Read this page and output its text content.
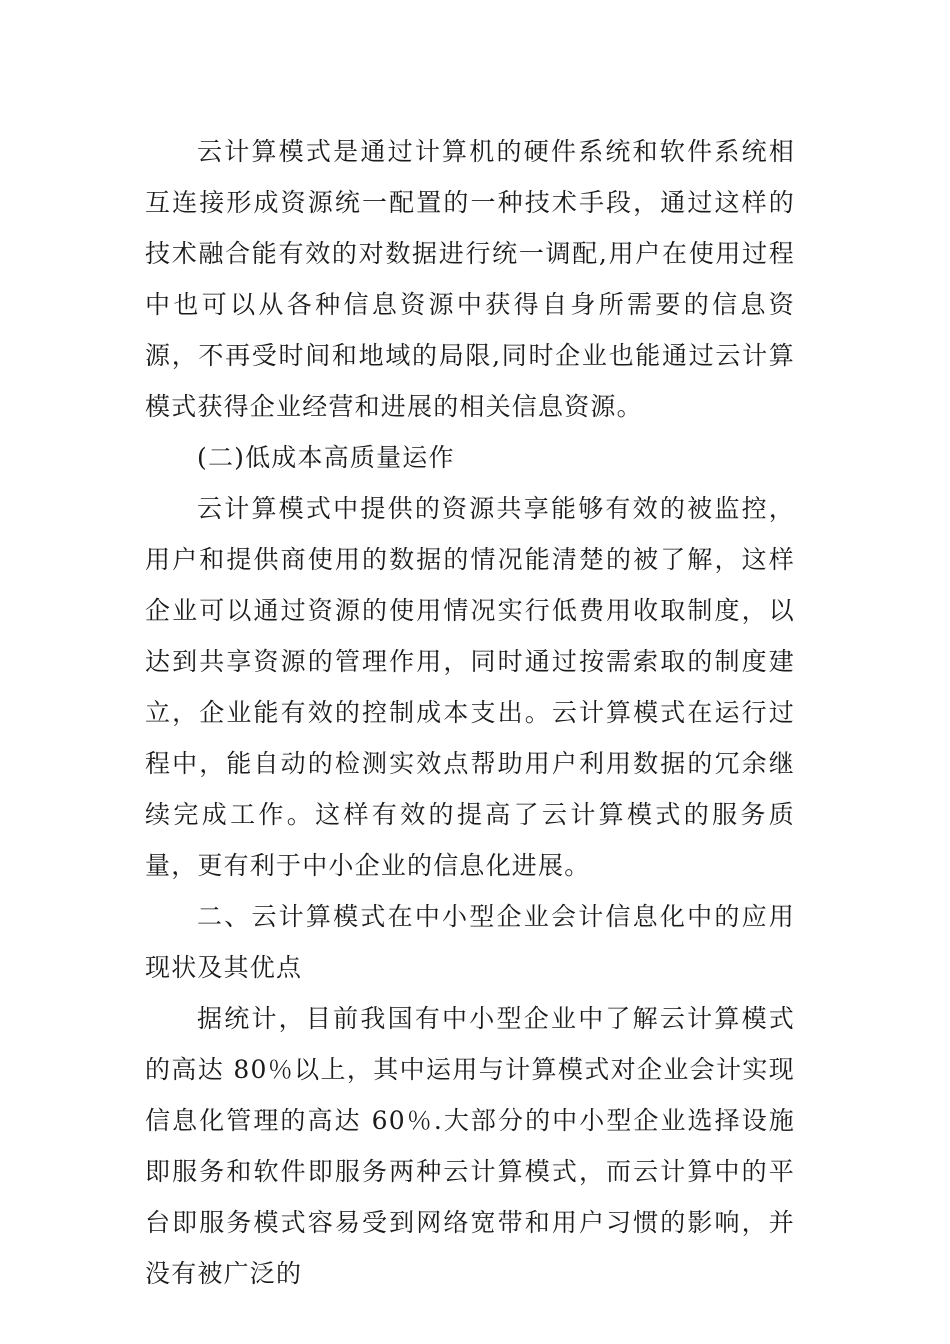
云计算模式是通过计算机的硬件系统和软件系统相互连接形成资源统一配置的一种技术手段，通过这样的技术融合能有效的对数据进行统一调配,用户在使用过程中也可以从各种信息资源中获得自身所需要的信息资源，不再受时间和地域的局限,同时企业也能通过云计算模式获得企业经营和进展的相关信息资源。

(二)低成本高质量运作

云计算模式中提供的资源共享能够有效的被监控，用户和提供商使用的数据的情况能清楚的被了解，这样企业可以通过资源的使用情况实行低费用收取制度，以达到共享资源的管理作用，同时通过按需索取的制度建立，企业能有效的控制成本支出。云计算模式在运行过程中，能自动的检测实效点帮助用户利用数据的冗余继续完成工作。这样有效的提高了云计算模式的服务质量，更有利于中小企业的信息化进展。

二、云计算模式在中小型企业会计信息化中的应用现状及其优点

据统计，目前我国有中小型企业中了解云计算模式的高达 80％以上，其中运用与计算模式对企业会计实现信息化管理的高达 60％.大部分的中小型企业选择设施即服务和软件即服务两种云计算模式，而云计算中的平台即服务模式容易受到网络宽带和用户习惯的影响，并没有被广泛的
